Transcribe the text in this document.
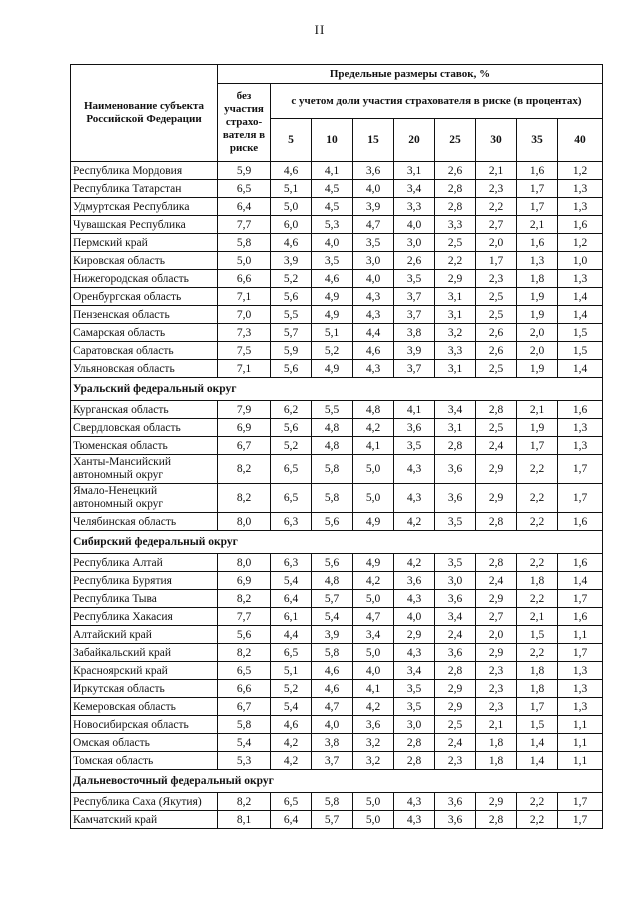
II
Наименование субъекта Российской Федерации	Предельные размеры ставок, %								
	без участия страхо-вателя в риске	с учетом доли участия страхователя в риске (в процентах)							
		5	10	15	20	25	30	35	40
Республика Мордовия	5,9	4,6	4,1	3,6	3,1	2,6	2,1	1,6	1,2
Республика Татарстан	6,5	5,1	4,5	4,0	3,4	2,8	2,3	1,7	1,3
Удмуртская Республика	6,4	5,0	4,5	3,9	3,3	2,8	2,2	1,7	1,3
Чувашская Республика	7,7	6,0	5,3	4,7	4,0	3,3	2,7	2,1	1,6
Пермский край	5,8	4,6	4,0	3,5	3,0	2,5	2,0	1,6	1,2
Кировская область	5,0	3,9	3,5	3,0	2,6	2,2	1,7	1,3	1,0
Нижегородская область	6,6	5,2	4,6	4,0	3,5	2,9	2,3	1,8	1,3
Оренбургская область	7,1	5,6	4,9	4,3	3,7	3,1	2,5	1,9	1,4
Пензенская область	7,0	5,5	4,9	4,3	3,7	3,1	2,5	1,9	1,4
Самарская область	7,3	5,7	5,1	4,4	3,8	3,2	2,6	2,0	1,5
Саратовская область	7,5	5,9	5,2	4,6	3,9	3,3	2,6	2,0	1,5
Ульяновская область	7,1	5,6	4,9	4,3	3,7	3,1	2,5	1,9	1,4
Уральский федеральный округ									
Курганская область	7,9	6,2	5,5	4,8	4,1	3,4	2,8	2,1	1,6
Свердловская область	6,9	5,6	4,8	4,2	3,6	3,1	2,5	1,9	1,3
Тюменская область	6,7	5,2	4,8	4,1	3,5	2,8	2,4	1,7	1,3
Ханты-Мансийский автономный округ	8,2	6,5	5,8	5,0	4,3	3,6	2,9	2,2	1,7
Ямало-Ненецкий автономный округ	8,2	6,5	5,8	5,0	4,3	3,6	2,9	2,2	1,7
Челябинская область	8,0	6,3	5,6	4,9	4,2	3,5	2,8	2,2	1,6
Сибирский федеральный округ									
Республика Алтай	8,0	6,3	5,6	4,9	4,2	3,5	2,8	2,2	1,6
Республика Бурятия	6,9	5,4	4,8	4,2	3,6	3,0	2,4	1,8	1,4
Республика Тыва	8,2	6,4	5,7	5,0	4,3	3,6	2,9	2,2	1,7
Республика Хакасия	7,7	6,1	5,4	4,7	4,0	3,4	2,7	2,1	1,6
Алтайский край	5,6	4,4	3,9	3,4	2,9	2,4	2,0	1,5	1,1
Забайкальский край	8,2	6,5	5,8	5,0	4,3	3,6	2,9	2,2	1,7
Красноярский край	6,5	5,1	4,6	4,0	3,4	2,8	2,3	1,8	1,3
Иркутская область	6,6	5,2	4,6	4,1	3,5	2,9	2,3	1,8	1,3
Кемеровская область	6,7	5,4	4,7	4,2	3,5	2,9	2,3	1,7	1,3
Новосибирская область	5,8	4,6	4,0	3,6	3,0	2,5	2,1	1,5	1,1
Омская область	5,4	4,2	3,8	3,2	2,8	2,4	1,8	1,4	1,1
Томская область	5,3	4,2	3,7	3,2	2,8	2,3	1,8	1,4	1,1
Дальневосточный федеральный округ									
Республика Саха (Якутия)	8,2	6,5	5,8	5,0	4,3	3,6	2,9	2,2	1,7
Камчатский край	8,1	6,4	5,7	5,0	4,3	3,6	2,8	2,2	1,7
